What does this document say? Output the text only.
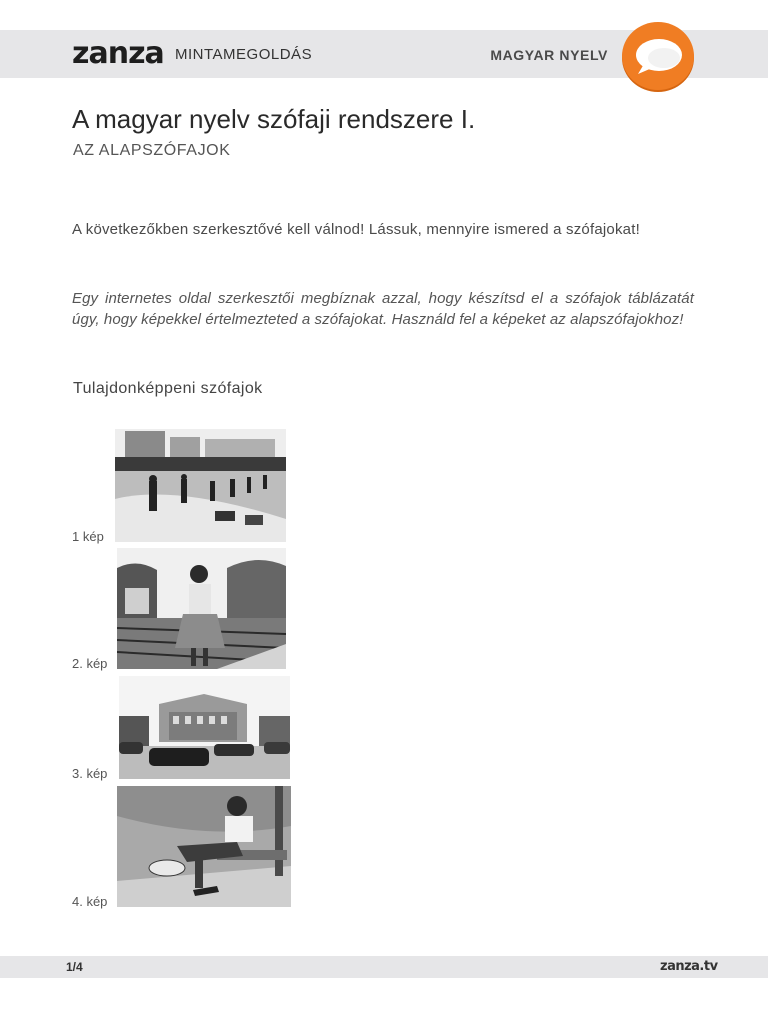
zanza MINTAMEGOLDÁS	MAGYAR NYELV
A magyar nyelv szófaji rendszere I.
AZ ALAPSZÓFAJOK

A következőkben szerkesztővé kell válnod! Lássuk, mennyire ismered a szófajokat!

Egy internetes oldal szerkesztői megbíznak azzal, hogy készítsd el a szófajok táblázatát úgy, hogy képekkel értelmezteted a szófajokat. Használd fel a képeket az alapszófajokhoz!

Tulajdonképpeni szófajok
1 kép
2. kép
3. kép
4. kép
1/4	zanza.tv
